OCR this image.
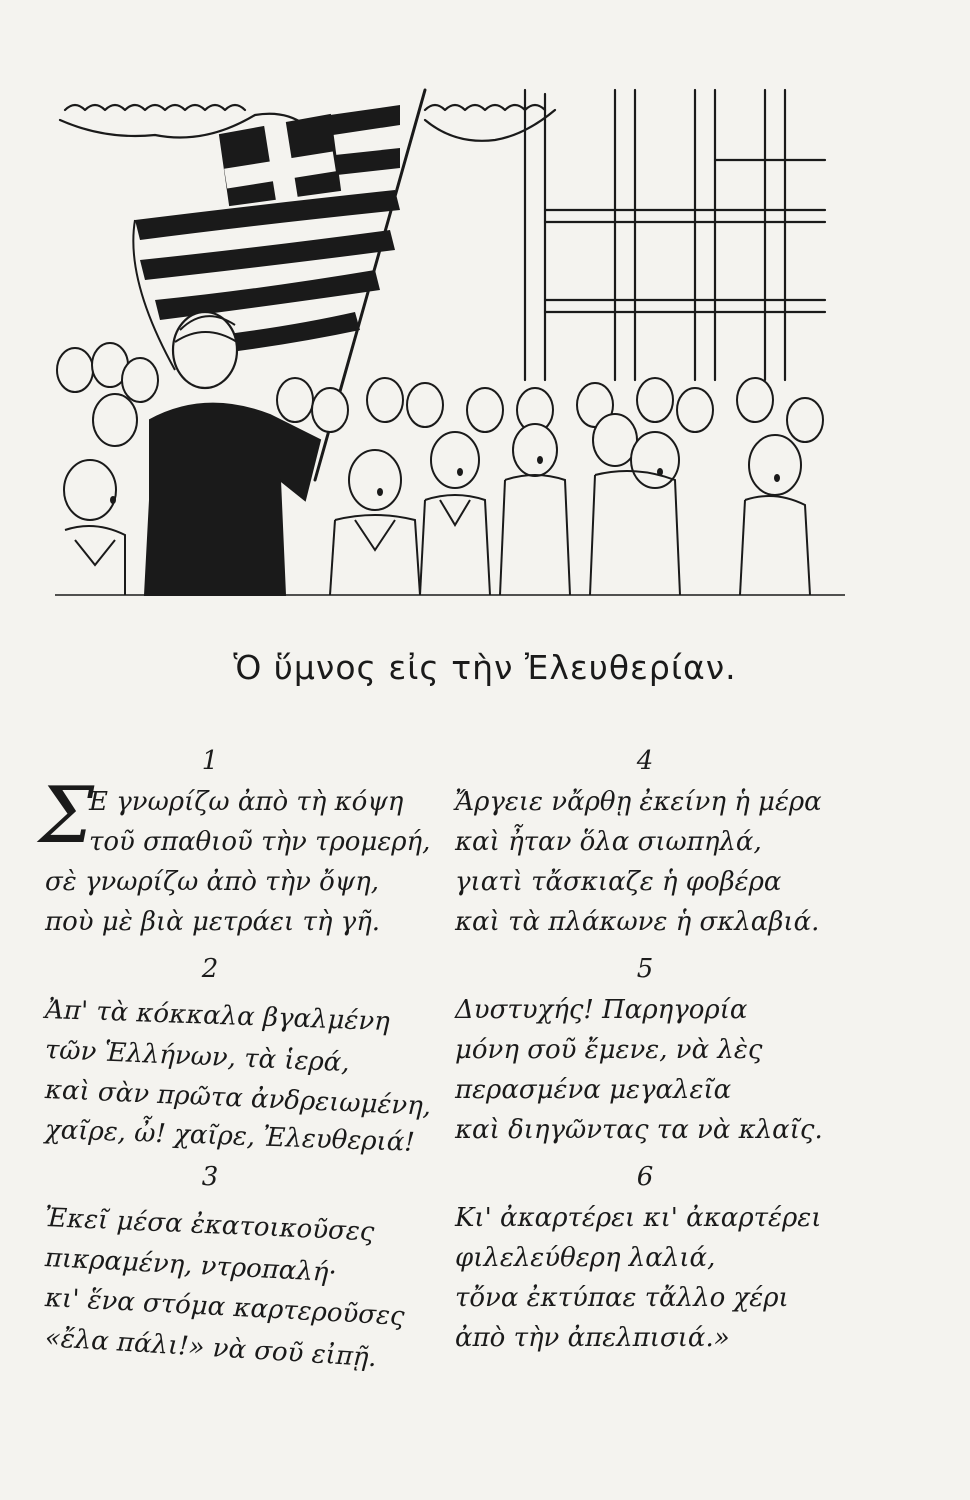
Ὁ ὕμνος εἰς τὴν Ἐλευθερίαν.
1
Σ
Ε γνωρίζω ἀπὸ τὴ κόψη
τοῦ σπαθιοῦ τὴν τρομερή,
σὲ γνωρίζω ἀπὸ τὴν ὄψη,
ποὺ μὲ βιὰ μετράει τὴ γῆ.
2
Ἀπ' τὰ κόκκαλα βγαλμένη
τῶν Ἑλλήνων, τὰ ἱερά,
καὶ σὰν πρῶτα ἀνδρειωμένη,
χαῖρε, ὦ! χαῖρε, Ἐλευθεριά!
3
Ἐκεῖ μέσα ἐκατοικοῦσες
πικραμένη, ντροπαλή·
κι' ἕνα στόμα καρτεροῦσες
«ἔλα πάλι!» νὰ σοῦ εἰπῇ.
4
Ἄργειε νἄρθῃ ἐκείνη ἡ μέρα
καὶ ἦταν ὅλα σιωπηλά,
γιατὶ τἄσκιαζε ἡ φοβέρα
καὶ τὰ πλάκωνε ἡ σκλαβιά.
5
Δυστυχής! Παρηγορία
μόνη σοῦ ἔμενε, νὰ λὲς
περασμένα μεγαλεῖα
καὶ διηγῶντας τα νὰ κλαῖς.
6
Κι' ἀκαρτέρει κι' ἀκαρτέρει
φιλελεύθερη λαλιά,
τὄνα ἐκτύπαε τἄλλο χέρι
ἀπὸ τὴν ἀπελπισιά.»
